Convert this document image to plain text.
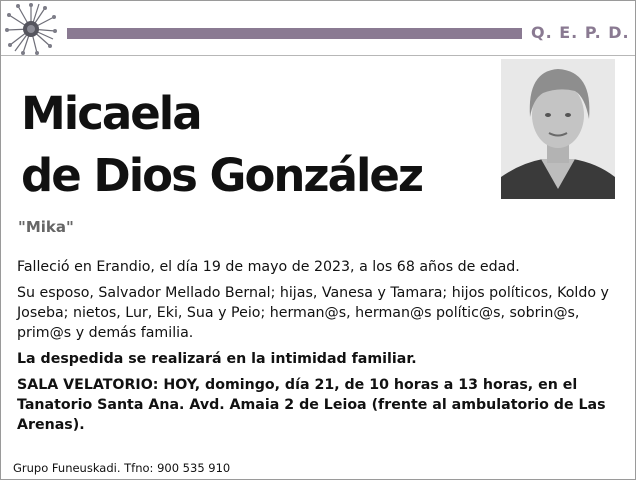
Q. E. P. D.
Micaela
de Dios González
"Mika"

Falleció en Erandio, el día 19 de mayo de 2023, a los 68 años de edad.

Su esposo, Salvador Mellado Bernal; hijas, Vanesa y Tamara; hijos políticos, Koldo y Joseba; nietos, Lur, Eki, Sua y Peio; herman@s, herman@s polític@s, sobrin@s, prim@s y demás familia.

La despedida se realizará en la intimidad familiar.

SALA VELATORIO: HOY, domingo, día 21, de 10 horas a 13 horas, en el Tanatorio Santa Ana. Avd. Amaia 2 de Leioa (frente al ambulatorio de Las Arenas).

Grupo Funeuskadi. Tfno: 900 535 910
